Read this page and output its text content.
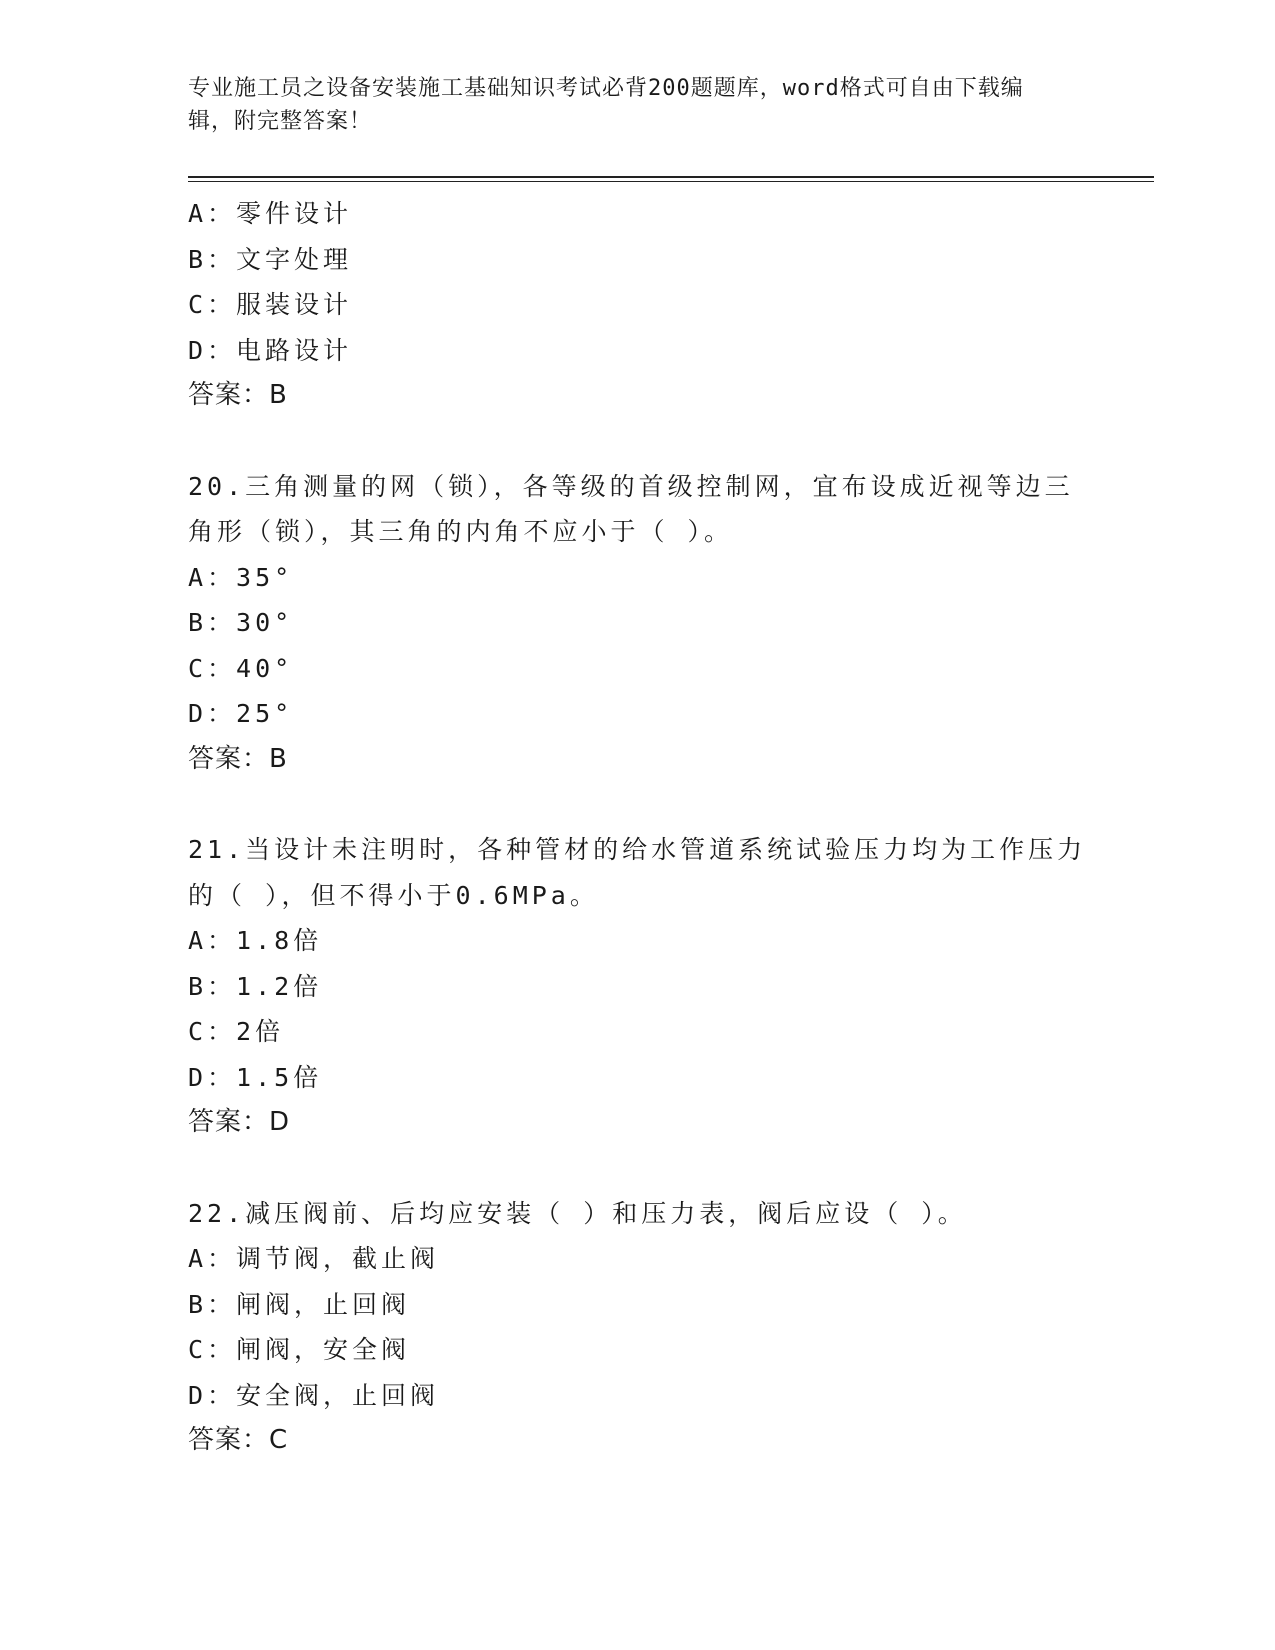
专业施工员之设备安装施工基础知识考试必背200题题库，word格式可自由下载编辑，附完整答案！
A：零件设计
B：文字处理
C：服装设计
D：电路设计
答案：B
20.三角测量的网（锁），各等级的首级控制网，宜布设成近视等边三角形（锁），其三角的内角不应小于（ ）。
A：35°
B：30°
C：40°
D：25°
答案：B
21.当设计未注明时，各种管材的给水管道系统试验压力均为工作压力的（ ），但不得小于0.6MPa。
A：1.8倍
B：1.2倍
C：2倍
D：1.5倍
答案：D
22.减压阀前、后均应安装（ ）和压力表，阀后应设（ ）。
A：调节阀，截止阀
B：闸阀，止回阀
C：闸阀，安全阀
D：安全阀，止回阀
答案：C
